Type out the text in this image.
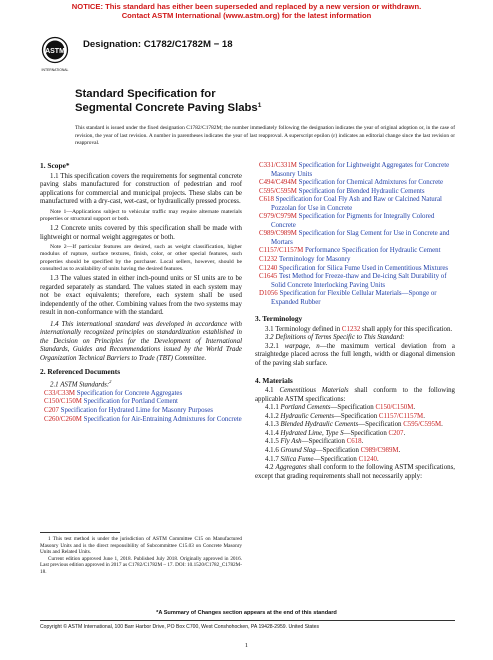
NOTICE: This standard has either been superseded and replaced by a new version or withdrawn.
Contact ASTM International (www.astm.org) for the latest information
ASTM
INTERNATIONAL
Designation: C1782/C1782M − 18
Standard Specification for
Segmental Concrete Paving Slabs$^1$
This standard is issued under the fixed designation C1782/C1782M; the number immediately following the designation indicates the year of original adoption or, in the case of revision, the year of last revision. A number in parentheses indicates the year of last reapproval. A superscript epsilon (ε) indicates an editorial change since the last revision or reapproval.

1. Scope*

1.1 This specification covers the requirements for segmental concrete paving slabs manufactured for construction of pedestrian and roof applications for commercial and municipal projects. These slabs can be manufactured with a dry-cast, wet-cast, or hydraulically pressed process.

Note 1—Applications subject to vehicular traffic may require alternate materials properties or structural support or both.

1.2 Concrete units covered by this specification shall be made with lightweight or normal weight aggregates or both.

Note 2—If particular features are desired, such as weight classification, higher modulus of rupture, surface textures, finish, color, or other special features, such properties should be specified by the purchaser. Local sellers, however, should be consulted as to availability of units having the desired features.

1.3 The values stated in either inch-pound units or SI units are to be regarded separately as standard. The values stated in each system may not be exact equivalents; therefore, each system shall be used independently of the other. Combining values from the two systems may result in non-conformance with the standard.

1.4 This international standard was developed in accordance with internationally recognized principles on standardization established in the Decision on Principles for the Development of International Standards, Guides and Recommendations issued by the World Trade Organization Technical Barriers to Trade (TBT) Committee.

2. Referenced Documents

2.1 ASTM Standards:$^2$

C33/C33M Specification for Concrete Aggregates

C150/C150M Specification for Portland Cement

C207 Specification for Hydrated Lime for Masonry Purposes

C260/C260M Specification for Air-Entraining Admixtures for Concrete

1 This test method is under the jurisdiction of ASTM Committee C15 on Manufactured Masonry Units and is the direct responsibility of Subcommittee C15.03 on Concrete Masonry Units and Related Units.

Current edition approved June 1, 2018. Published July 2018. Originally approved in 2016. Last previous edition approved in 2017 as C1782/C1782M – 17. DOI: 10.1520/C1782_C1782M-18.

C331/C331M Specification for Lightweight Aggregates for Concrete Masonry Units

C494/C494M Specification for Chemical Admixtures for Concrete

C595/C595M Specification for Blended Hydraulic Cements

C618 Specification for Coal Fly Ash and Raw or Calcined Natural Pozzolan for Use in Concrete

C979/C979M Specification for Pigments for Integrally Colored Concrete

C989/C989M Specification for Slag Cement for Use in Concrete and Mortars

C1157/C1157M Performance Specification for Hydraulic Cement

C1232 Terminology for Masonry

C1240 Specification for Silica Fume Used in Cementitious Mixtures

C1645 Test Method for Freeze-thaw and De-icing Salt Durability of Solid Concrete Interlocking Paving Units

D1056 Specification for Flexible Cellular Materials—Sponge or Expanded Rubber

3. Terminology

3.1 Terminology defined in C1232 shall apply for this specification.

3.2 Definitions of Terms Specific to This Standard:

3.2.1 warpage, n—the maximum vertical deviation from a straightedge placed across the full length, width or diagonal dimension of the paving slab surface.

4. Materials

4.1 Cementitious Materials shall conform to the following applicable ASTM specifications:

4.1.1 Portland Cements—Specification C150/C150M.

4.1.2 Hydraulic Cements—Specification C1157/C1157M.

4.1.3 Blended Hydraulic Cements—Specification C595/C595M.

4.1.4 Hydrated Lime, Type S—Specification C207.

4.1.5 Fly Ash—Specification C618.

4.1.6 Ground Slag—Specification C989/C989M.

4.1.7 Silica Fume—Specification C1240.

4.2 Aggregates shall conform to the following ASTM specifications, except that grading requirements shall not necessarily apply:

*A Summary of Changes section appears at the end of this standard
Copyright © ASTM International, 100 Barr Harbor Drive, PO Box C700, West Conshohocken, PA 19428-2959. United States
1
